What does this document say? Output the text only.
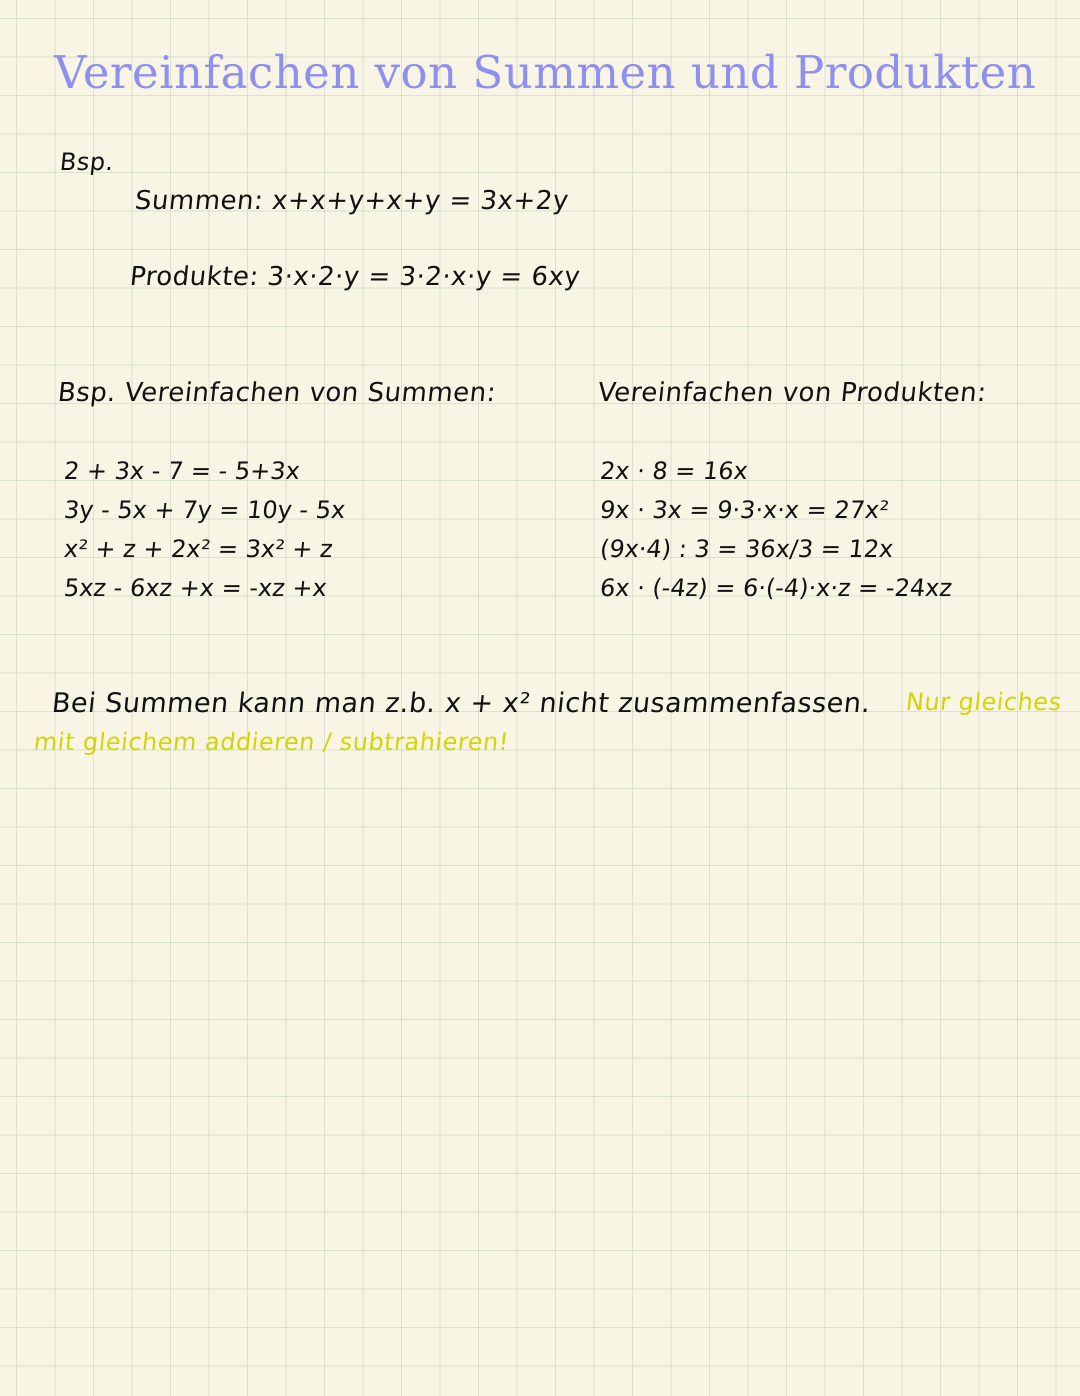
Vereinfachen von Summen und Produkten
Bsp.
Summen: x+x+y+x+y = 3x+2y
Produkte: 3·x·2·y = 3·2·x·y = 6xy
Bsp. Vereinfachen von Summen:
2 + 3x - 7 = - 5+3x
3y - 5x + 7y = 10y - 5x
x² + z + 2x² = 3x² + z
5xz - 6xz +x = -xz +x
Vereinfachen von Produkten:
2x · 8 = 16x
9x · 3x = 9·3·x·x = 27x²
(9x·4) : 3 = 36x/3 = 12x
6x · (-4z) = 6·(-4)·x·z = -24xz
Bei Summen kann man z.b. x + x² nicht zusammenfassen. Nur gleiches
mit gleichem addieren / subtrahieren!
